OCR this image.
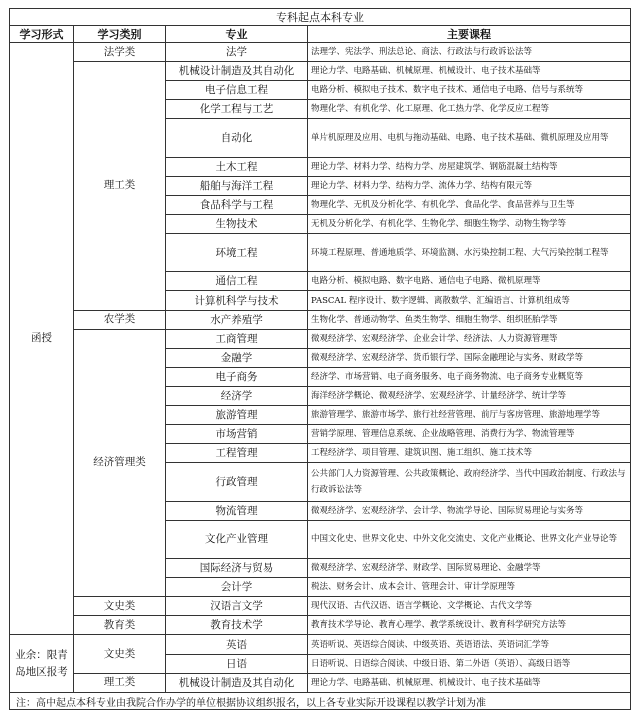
专科起点本科专业			
学习形式	学习类别	专业	主要课程
函授	法学类	法学	法理学、宪法学、刑法总论、商法、行政法与行政诉讼法等
	理工类	机械设计制造及其自动化	理论力学、电路基础、机械原理、机械设计、电子技术基础等
		电子信息工程	电路分析、模拟电子技术、数字电子技术、通信电子电路、信号与系统等
		化学工程与工艺	物理化学、有机化学、化工原理、化工热力学、化学反应工程等
		自动化	单片机原理及应用、电机与拖动基础、电路、电子技术基础、微机原理及应用等
		土木工程	理论力学、材料力学、结构力学、房屋建筑学、钢筋混凝土结构等
		船舶与海洋工程	理论力学、材料力学、结构力学、流体力学、结构有限元等
		食品科学与工程	物理化学、无机及分析化学、有机化学、食品化学、食品营养与卫生等
		生物技术	无机及分析化学、有机化学、生物化学、细胞生物学、动物生物学等
		环境工程	环境工程原理、普通地质学、环境监测、水污染控制工程、大气污染控制工程等
		通信工程	电路分析、模拟电路、数字电路、通信电子电路、微机原理等
		计算机科学与技术	PASCAL 程序设计、数字逻辑、离散数学、汇编语言、计算机组成等
	农学类	水产养殖学	生物化学、普通动物学、鱼类生物学、细胞生物学、组织胚胎学等
	经济管理类	工商管理	微观经济学、宏观经济学、企业会计学、经济法、人力资源管理等
		金融学	微观经济学、宏观经济学、货币银行学、国际金融理论与实务、财政学等
		电子商务	经济学、市场营销、电子商务服务、电子商务物流、电子商务专业概览等
		经济学	海洋经济学概论、微观经济学、宏观经济学、计量经济学、统计学等
		旅游管理	旅游管理学、旅游市场学、旅行社经营管理、前厅与客房管理、旅游地理学等
		市场营销	营销学原理、管理信息系统、企业战略管理、消费行为学、物流管理等
		工程管理	工程经济学、项目管理、建筑识图、施工组织、施工技术等
		行政管理	公共部门人力资源管理、公共政策概论、政府经济学、当代中国政治制度、行政法与行政诉讼法等
		物流管理	微观经济学、宏观经济学、会计学、物流学导论、国际贸易理论与实务等
		文化产业管理	中国文化史、世界文化史、中外文化交流史、文化产业概论、世界文化产业导论等
		国际经济与贸易	微观经济学、宏观经济学、财政学、国际贸易理论、金融学等
		会计学	税法、财务会计、成本会计、管理会计、审计学原理等
	文史类	汉语言文学	现代汉语、古代汉语、语言学概论、文学概论、古代文学等
	教育类	教育技术学	教育技术学导论、教育心理学、教学系统设计、教育科学研究方法等
业余：限青岛地区报考	文史类	英语	英语听说、英语综合阅读、中级英语、英语语法、英语词汇学等
		日语	日语听说、日语综合阅读、中级日语、第二外语（英语）、高级日语等
	理工类	机械设计制造及其自动化	理论力学、电路基础、机械原理、机械设计、电子技术基础等
注：高中起点本科专业由我院合作办学的单位根据协议组织报名，以上各专业实际开设课程以教学计划为准			
